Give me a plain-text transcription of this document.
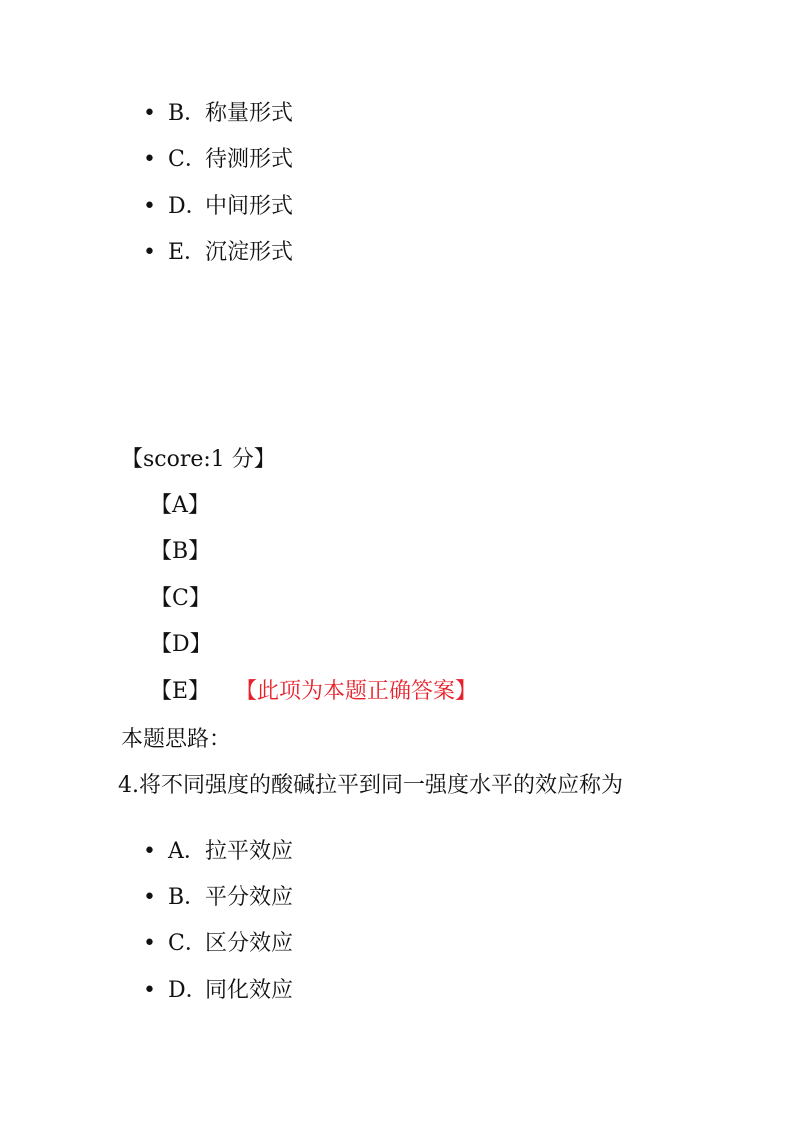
• B．
称量形式
• C．
待测形式
• D．
中间形式
• E．
沉淀形式
【score:1 分】
【A】
【B】
【C】
【D】
【E】 【此项为本题正确答案】
本题思路：
4.将不同强度的酸碱拉平到同一强度水平的效应称为
• A． 拉平效应
• B．
平分效应
• C．
区分效应
• D．
同化效应
